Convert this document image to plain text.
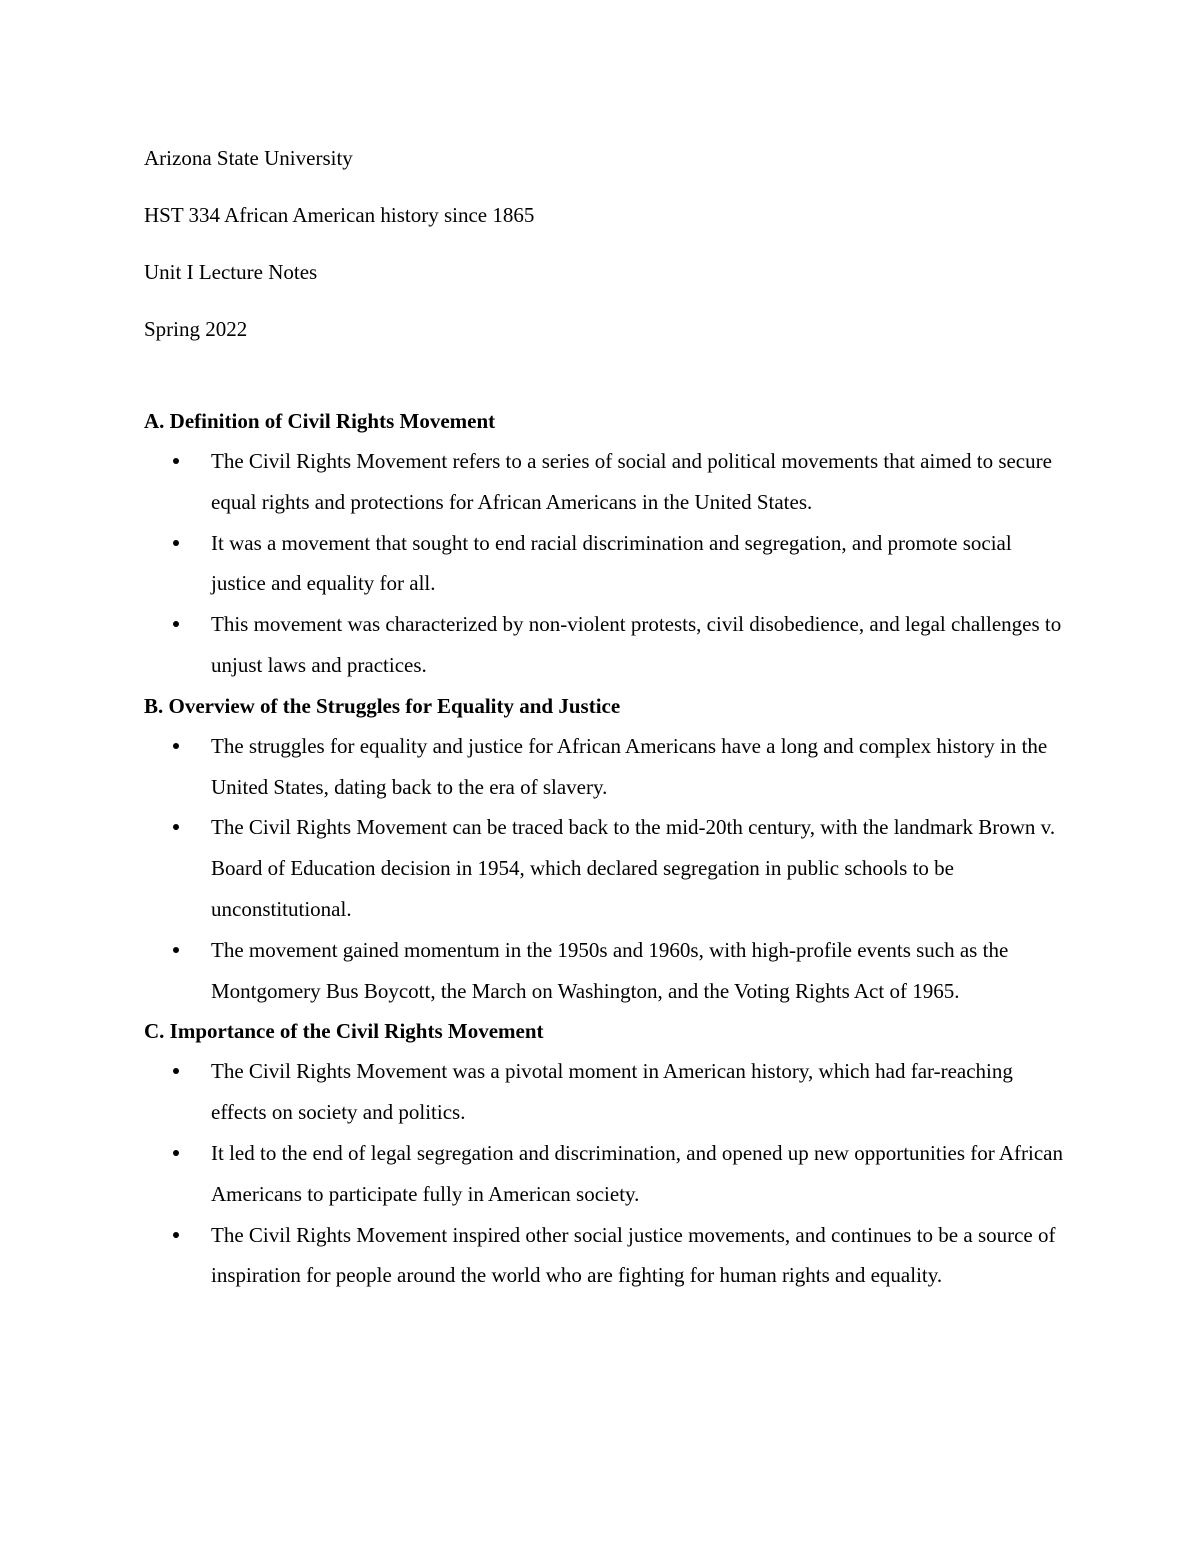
Arizona State University
HST 334 African American history since 1865
Unit I Lecture Notes
Spring 2022
A. Definition of Civil Rights Movement
The Civil Rights Movement refers to a series of social and political movements that aimed to secure equal rights and protections for African Americans in the United States.
It was a movement that sought to end racial discrimination and segregation, and promote social justice and equality for all.
This movement was characterized by non-violent protests, civil disobedience, and legal challenges to unjust laws and practices.
B. Overview of the Struggles for Equality and Justice
The struggles for equality and justice for African Americans have a long and complex history in the United States, dating back to the era of slavery.
The Civil Rights Movement can be traced back to the mid-20th century, with the landmark Brown v. Board of Education decision in 1954, which declared segregation in public schools to be unconstitutional.
The movement gained momentum in the 1950s and 1960s, with high-profile events such as the Montgomery Bus Boycott, the March on Washington, and the Voting Rights Act of 1965.
C. Importance of the Civil Rights Movement
The Civil Rights Movement was a pivotal moment in American history, which had far-reaching effects on society and politics.
It led to the end of legal segregation and discrimination, and opened up new opportunities for African Americans to participate fully in American society.
The Civil Rights Movement inspired other social justice movements, and continues to be a source of inspiration for people around the world who are fighting for human rights and equality.
